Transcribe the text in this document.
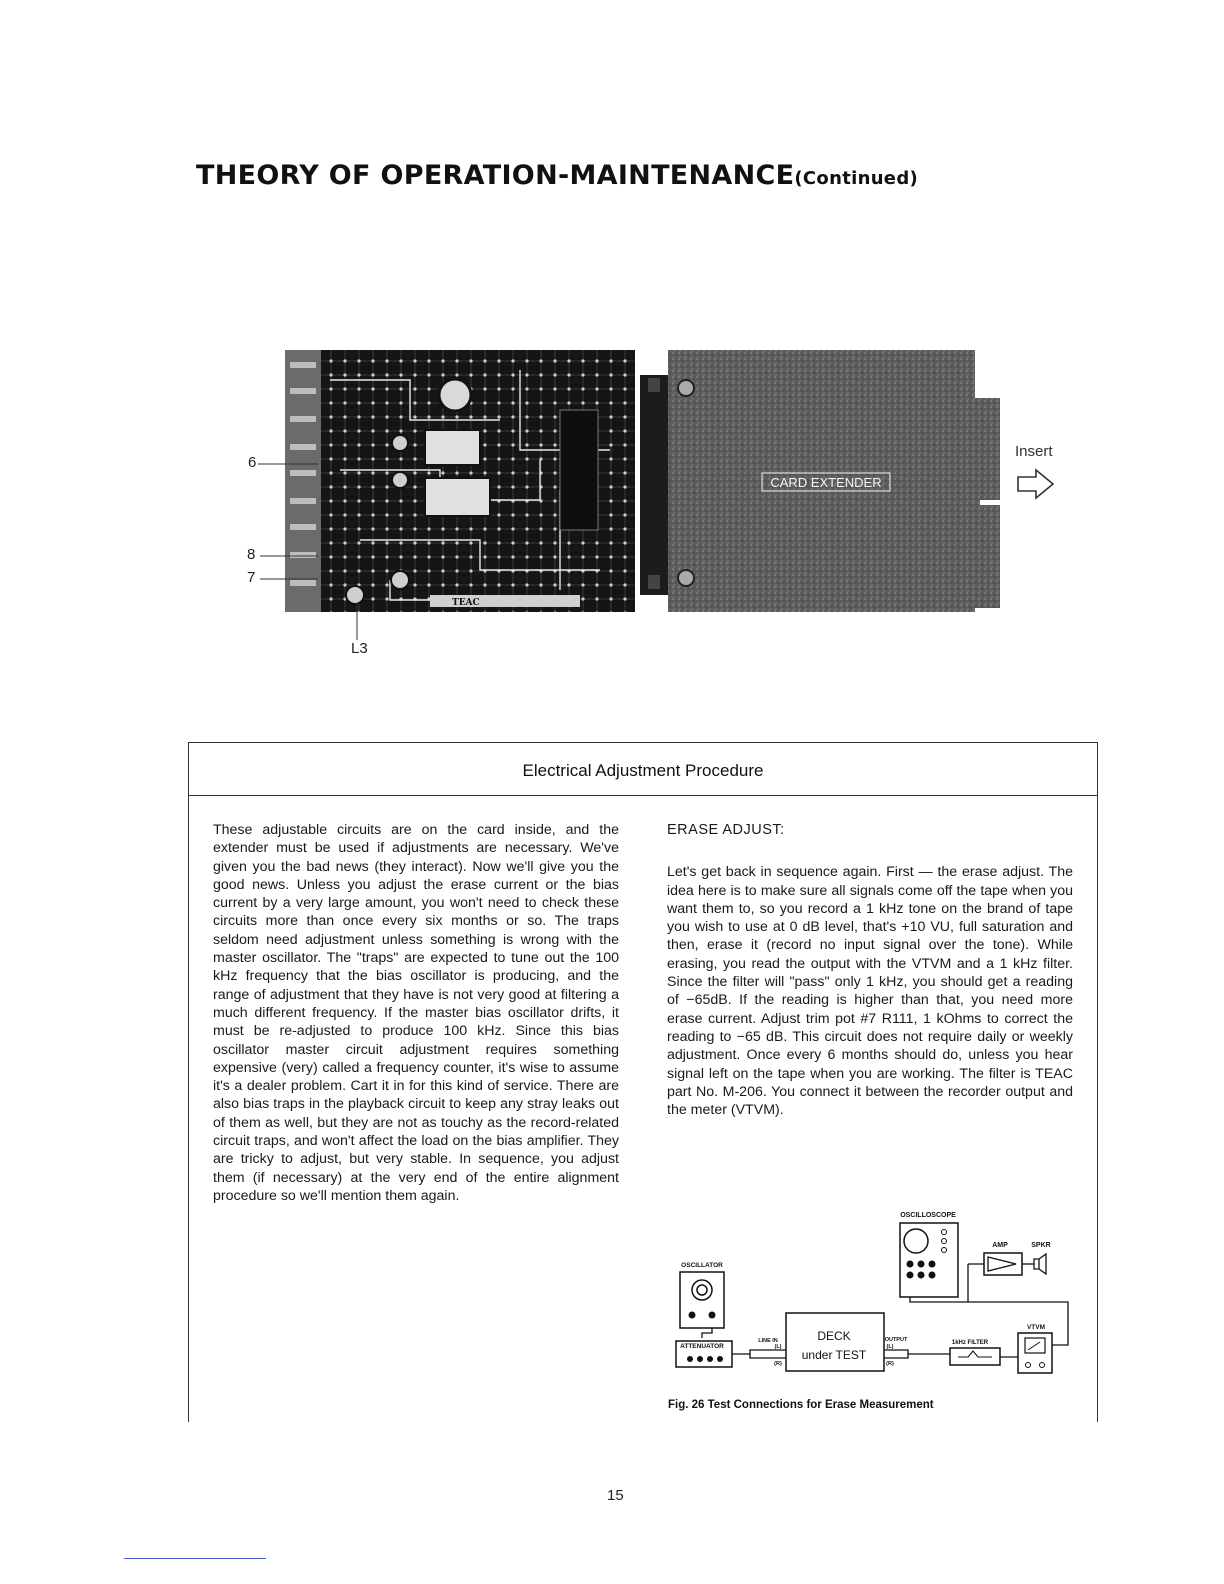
THEORY OF OPERATION-MAINTENANCE(Continued)
TEAC
CARD EXTENDER
6
8
7
L3
Insert
Electrical Adjustment Procedure

These adjustable circuits are on the card inside, and the extender must be used if adjustments are necessary. We've given you the bad news (they interact). Now we'll give you the good news. Unless you adjust the erase current or the bias current by a very large amount, you won't need to check these circuits more than once every six months or so. The traps seldom need adjustment unless something is wrong with the master oscillator. The "traps" are expected to tune out the 100 kHz frequency that the bias oscillator is producing, and the range of adjustment that they have is not very good at filtering a much different frequency. If the master bias oscillator drifts, it must be re-adjusted to produce 100 kHz. Since this bias oscillator master circuit adjustment requires something expensive (very) called a frequency counter, it's wise to assume it's a dealer problem. Cart it in for this kind of service. There are also bias traps in the playback circuit to keep any stray leaks out of them as well, but they are not as touchy as the record-related circuit traps, and won't affect the load on the bias amplifier. They are tricky to adjust, but very stable. In sequence, you adjust them (if necessary) at the very end of the entire alignment procedure so we'll mention them again.

ERASE ADJUST:

Let's get back in sequence again. First — the erase adjust. The idea here is to make sure all signals come off the tape when you want them to, so you record a 1 kHz tone on the brand of tape you wish to use at 0 dB level, that's +10 VU, full saturation and then, erase it (record no input signal over the tone). While erasing, you read the output with the VTVM and a 1 kHz filter. Since the filter will "pass" only 1 kHz, you should get a reading of −65dB. If the reading is higher than that, you need more erase current. Adjust trim pot #7 R111, 1 kOhms to correct the reading to −65 dB. This circuit does not require daily or weekly adjustment. Once every 6 months should do, unless you hear signal left on the tape when you are working. The filter is TEAC part No. M-206. You connect it between the recorder output and the meter (VTVM).

OSCILLOSCOPE
AMP	SPKR
OSCILLATOR
ATTENUATOR
DECK
under TEST
LINE IN
(L)
(R)
OUTPUT
(L)
(R)
1kHz FILTER
VTVM
Fig. 26 Test Connections for Erase Measurement
15
